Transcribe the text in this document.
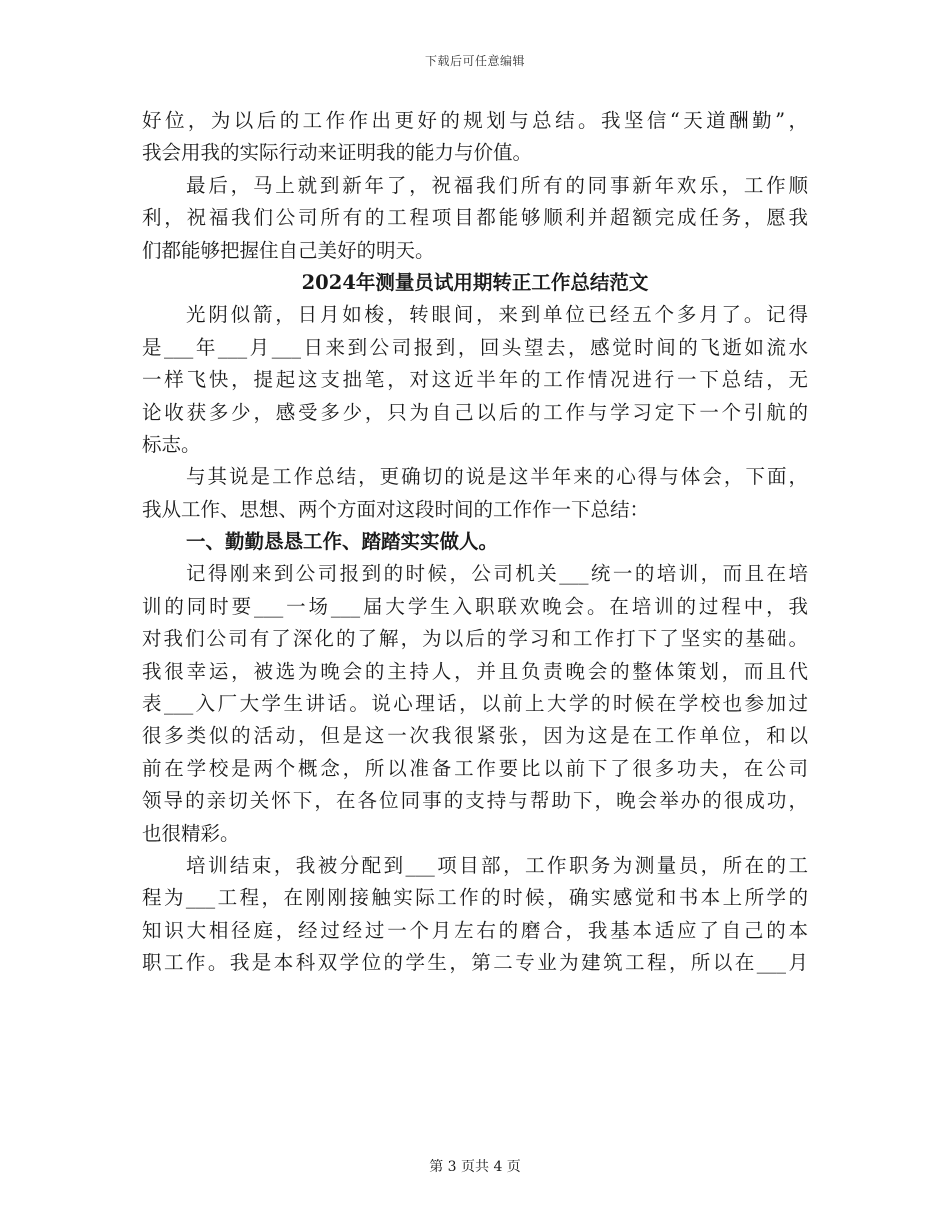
下载后可任意编辑
好位，为以后的工作作出更好的规划与总结。我坚信“天道酬勤”，
我会用我的实际行动来证明我的能力与价值。
最后，马上就到新年了，祝福我们所有的同事新年欢乐，工作顺
利，祝福我们公司所有的工程项目都能够顺利并超额完成任务，愿我
们都能够把握住自己美好的明天。
2024年测量员试用期转正工作总结范文
光阴似箭，日月如梭，转眼间，来到单位已经五个多月了。记得
是___年___月___日来到公司报到，回头望去，感觉时间的飞逝如流水
一样飞快，提起这支拙笔，对这近半年的工作情况进行一下总结，无
论收获多少，感受多少，只为自己以后的工作与学习定下一个引航的
标志。
与其说是工作总结，更确切的说是这半年来的心得与体会，下面，
我从工作、思想、两个方面对这段时间的工作作一下总结：
一、勤勤恳恳工作、踏踏实实做人。
记得刚来到公司报到的时候，公司机关___统一的培训，而且在培
训的同时要___一场___届大学生入职联欢晚会。在培训的过程中，我
对我们公司有了深化的了解，为以后的学习和工作打下了坚实的基础。
我很幸运，被选为晚会的主持人，并且负责晚会的整体策划，而且代
表___入厂大学生讲话。说心理话，以前上大学的时候在学校也参加过
很多类似的活动，但是这一次我很紧张，因为这是在工作单位，和以
前在学校是两个概念，所以准备工作要比以前下了很多功夫，在公司
领导的亲切关怀下，在各位同事的支持与帮助下，晚会举办的很成功，
也很精彩。
培训结束，我被分配到___项目部，工作职务为测量员，所在的工
程为___工程，在刚刚接触实际工作的时候，确实感觉和书本上所学的
知识大相径庭，经过经过一个月左右的磨合，我基本适应了自己的本
职工作。我是本科双学位的学生，第二专业为建筑工程，所以在___月
第 3 页共 4 页
